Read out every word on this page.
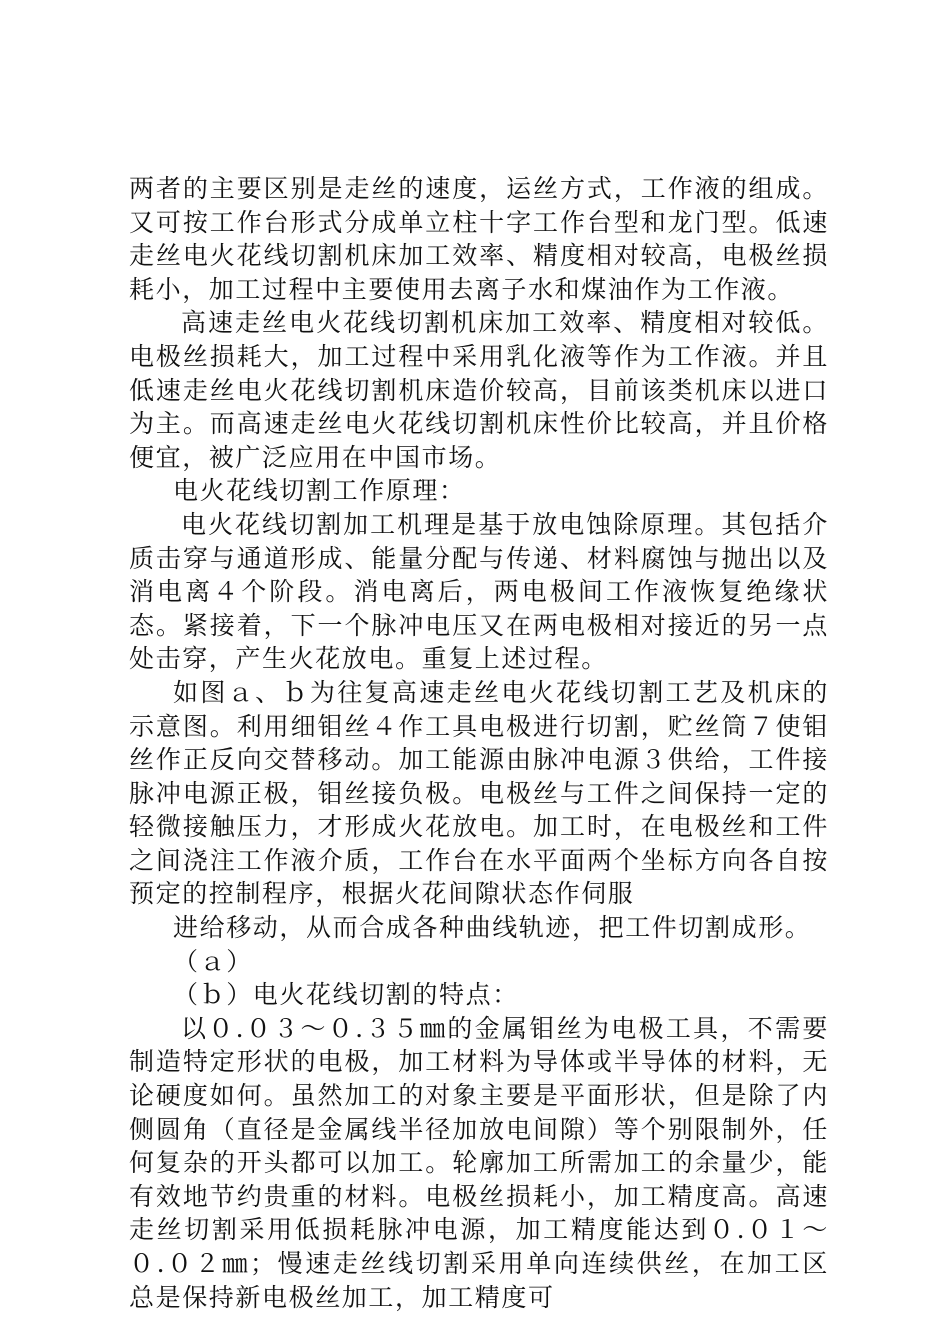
两者的主要区别是走丝的速度，运丝方式，工作液的组成。又可按工作台形式分成单立柱十字工作台型和龙门型。低速走丝电火花线切割机床加工效率、精度相对较高，电极丝损耗小，加工过程中主要使用去离子水和煤油作为工作液。

高速走丝电火花线切割机床加工效率、精度相对较低。电极丝损耗大，加工过程中采用乳化液等作为工作液。并且低速走丝电火花线切割机床造价较高，目前该类机床以进口为主。而高速走丝电火花线切割机床性价比较高，并且价格便宜，被广泛应用在中国市场。

电火花线切割工作原理：

电火花线切割加工机理是基于放电蚀除原理。其包括介质击穿与通道形成、能量分配与传递、材料腐蚀与抛出以及消电离４个阶段。消电离后，两电极间工作液恢复绝缘状态。紧接着，下一个脉冲电压又在两电极相对接近的另一点处击穿，产生火花放电。重复上述过程。

如图ａ、ｂ为往复高速走丝电火花线切割工艺及机床的示意图。利用细钼丝４作工具电极进行切割，贮丝筒７使钼丝作正反向交替移动。加工能源由脉冲电源３供给，工件接脉冲电源正极，钼丝接负极。电极丝与工件之间保持一定的轻微接触压力，才形成火花放电。加工时，在电极丝和工件之间浇注工作液介质，工作台在水平面两个坐标方向各自按预定的控制程序，根据火花间隙状态作伺服

进给移动，从而合成各种曲线轨迹，把工件切割成形。

（ａ）

（ｂ）电火花线切割的特点：

以０.０３～０.３５㎜的金属钼丝为电极工具，不需要制造特定形状的电极，加工材料为导体或半导体的材料，无论硬度如何。虽然加工的对象主要是平面形状，但是除了内侧圆角（直径是金属线半径加放电间隙）等个别限制外，任何复杂的开头都可以加工。轮廓加工所需加工的余量少，能有效地节约贵重的材料。电极丝损耗小，加工精度高。高速走丝切割采用低损耗脉冲电源，加工精度能达到０.０１～０.０２㎜；慢速走丝线切割采用单向连续供丝，在加工区总是保持新电极丝加工，加工精度可
